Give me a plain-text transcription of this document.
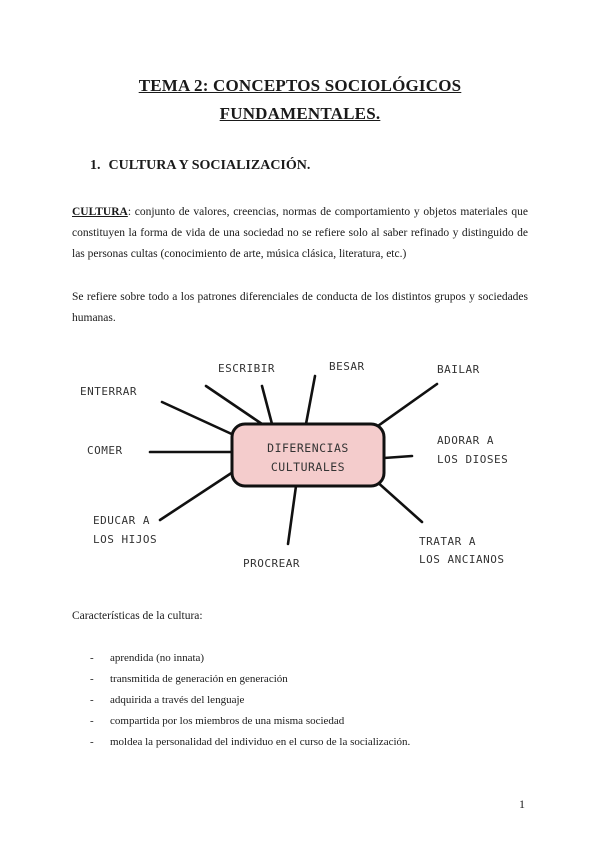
TEMA 2: CONCEPTOS SOCIOLÓGICOS
FUNDAMENTALES.
1. CULTURA Y SOCIALIZACIÓN.
CULTURA: conjunto de valores, creencias, normas de comportamiento y objetos materiales que constituyen la forma de vida de una sociedad no se refiere solo al saber refinado y distinguido de las personas cultas (conocimiento de arte, música clásica, literatura, etc.)
Se refiere sobre todo a los patrones diferenciales de conducta de los distintos grupos y sociedades humanas.
DIFERENCIAS
CULTURALES
ESCRIBIR	BESAR	BAILAR
ENTERRAR
COMER
ADORAR A
LOS DIOSES
EDUCAR A
LOS HIJOS	TRATAR A
LOS ANCIANOS
PROCREAR
Características de la cultura:
- aprendida (no innata)
- transmitida de generación en generación
- adquirida a través del lenguaje
- compartida por los miembros de una misma sociedad
- moldea la personalidad del individuo en el curso de la socialización.
1
